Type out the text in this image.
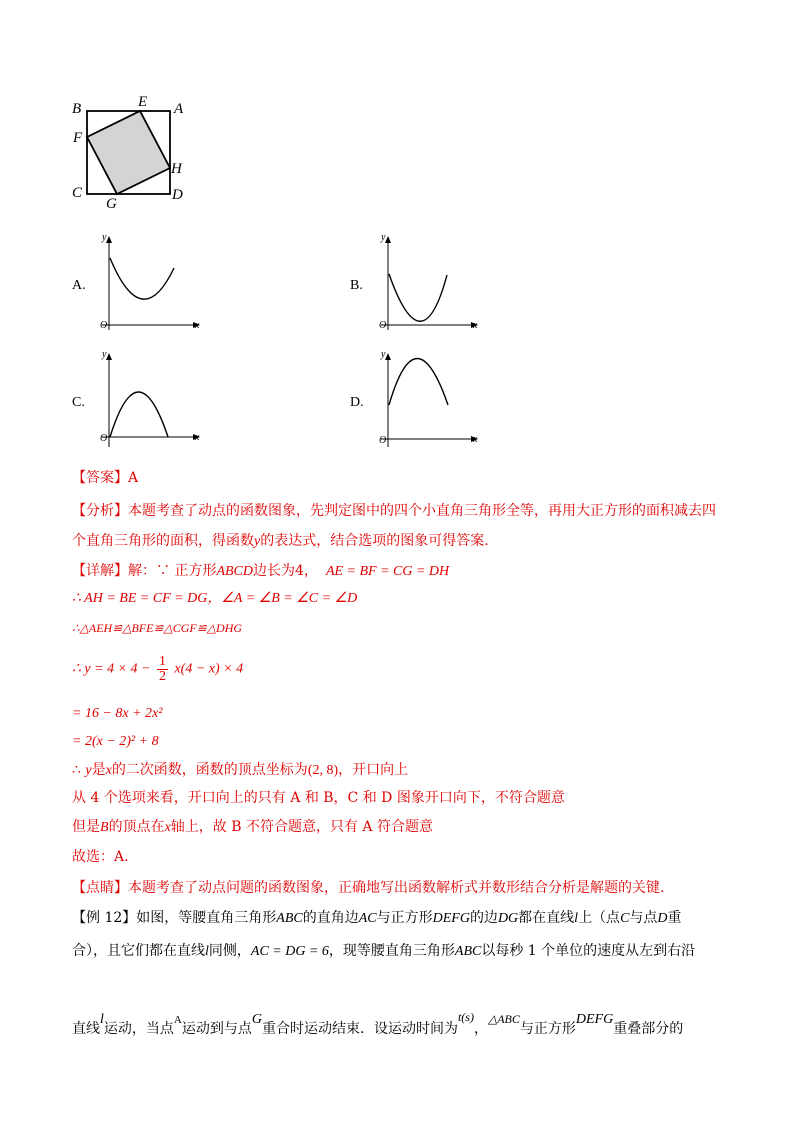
B	E A
F
H
C
G
D
A.
y
x
O
B.
y
x
O
C.
y
x
O
D.
y
x
O
【答案】A
【分析】本题考查了动点的函数图象，先判定图中的四个小直角三角形全等，再用大正方形的面积减去四
个直角三角形的面积，得函数y的表达式，结合选项的图象可得答案.
【详解】解：∵ 正方形ABCD边长为4， AE = BF = CG = DH
∴ AH = BE = CF = DG，∠A = ∠B = ∠C = ∠D
∴△AEH≌△BFE≌△CGF≌△DHG
∴ $y = 4 \times 4 - \frac{1}{2} x(4 - x) \times 4$
= 16 − 8x + 2x²
= 2(x − 2)² + 8
∴ y是x的二次函数，函数的顶点坐标为(2, 8)，开口向上
从 4 个选项来看，开口向上的只有 A 和 B，C 和 D 图象开口向下，不符合题意
但是B的顶点在x轴上，故 B 不符合题意，只有 A 符合题意
故选：A.
【点睛】本题考查了动点问题的函数图象，正确地写出函数解析式并数形结合分析是解题的关键.
【例 12】如图，等腰直角三角形ABC的直角边AC与正方形DEFG的边DG都在直线l上（点C与点D重
合），且它们都在直线l同侧，AC = DG = 6，现等腰直角三角形ABC以每秒 1 个单位的速度从左到右沿
直线l运动，当点$^A$运动到与点G重合时运动结束．设运动时间为t(s)，△ABC与正方形DEFG重叠部分的
